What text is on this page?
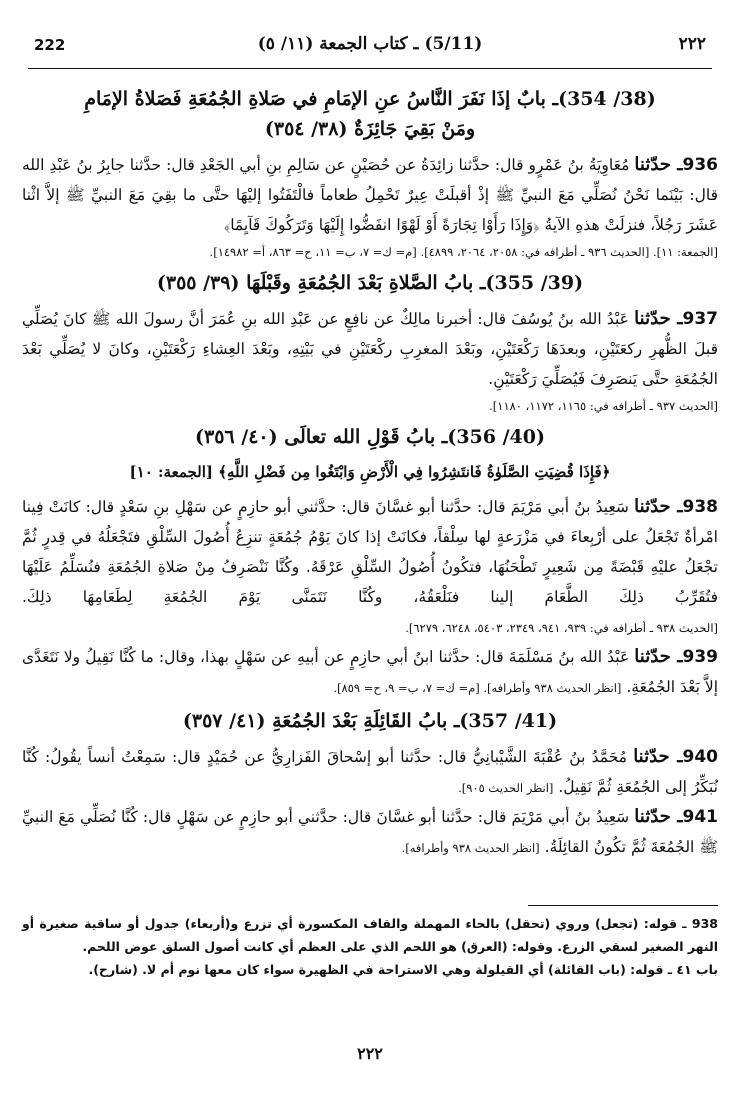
222	(5/11) ـ كتاب الجمعة (١١/ ٥)	٢٢٢
(38/ 354)ـ بابٌ إذَا نَفَرَ النَّاسُ عنِ الإمَامِ في صَلاةِ الجُمُعَةِ فَصَلاةُ الإمَامِ
ومَنْ بَقِيَ جَائِزَةٌ (٣٨/ ٣٥٤)

936ـ حدّثنا مُعَاوِيَةُ بنُ عَمْرٍو قال: حدَّثنا زائِدَةُ عن حُصَيْنٍ عن سَالِمِ بنِ أبي الجَعْدِ قال: حدَّثنا جابِرُ بنُ عَبْدِ الله قال: بَيْنَما نَحْنُ نُصَلِّي مَعَ النبيِّ ﷺ إذْ أقبلَتْ عِيرٌ تَحْمِلُ طعاماً فالْتَفَتُوا إليْهَا حتَّى ما بقِيَ مَعَ النبيِّ ﷺ إلاَّ اثْنا عَشَرَ رَجُلاً، فنزلَتْ هذهِ الآيةُ ﴿وَإِذَا رَأَوْا تِجَارَةً أَوْ لَهْوًا انفَضُّوا إِلَيْهَا وَتَرَكُوكَ قَآيِمًا﴾

[الجمعة: ١١]. [الحديث ٩٣٦ ـ أطرافه في: ٢٠٥٨، ٢٠٦٤، ٤٨٩٩]. [م= ك= ٧، ب= ١١، ح= ٨٦٣، أ= ١٤٩٨٢].
(39/ 355)ـ بابُ الصَّلاةِ بَعْدَ الجُمُعَةِ وقَبْلَهَا (٣٩/ ٣٥٥)

937ـ حدّثنا عَبْدُ الله بنُ يُوسُفَ قال: أخبرنا مالِكٌ عن نافِعٍ عن عَبْدِ الله بنِ عُمَرَ أنَّ رسولَ الله ﷺ كانَ يُصَلِّي قبلَ الظُّهرِ ركعَتَيْنِ، وبعدَهَا رَكْعَتَيْنِ، وبَعْدَ المغرِبِ ركْعَتَيْنِ في بَيْتِهِ، وبَعْدَ العِشاءِ رَكْعَتَيْنِ، وكانَ لا يُصَلِّي بَعْدَ الجُمُعَةِ حتَّى يَنصَرِفَ فَيُصَلِّيَ رَكْعَتَيْنِ.

[الحديث ٩٣٧ ـ أطرافه في: ١١٦٥، ١١٧٢، ١١٨٠].
(40/ 356)ـ بابُ قَوْلِ الله تعالَى (٤٠/ ٣٥٦)
﴿فَإِذَا قُضِيَتِ الصَّلَوٰةُ فَانتَشِرُوا فِي الْأَرْضِ وَابْتَغُوا مِن فَضْلِ اللَّهِ﴾ [الجمعة: ١٠]

938ـ حدّثنا سَعِيدُ بنُ أبي مَرْيَمَ قال: حدَّثنا أبو غسَّانَ قال: حدَّثني أبو حازِمٍ عن سَهْلِ بنِ سَعْدٍ قال: كانَتْ فِينا امْرأةٌ تَجْعَلُ على أرْبِعاءَ في مَزْرَعةٍ لها سِلْقاً، فكانَتْ إذا كانَ يَوْمُ جُمُعَةٍ تنزِعُ أُصُولَ السِّلْقِ فتَجْعَلُهُ في قِدرٍ ثُمَّ تجْعَلُ عليْهِ قَبْضَةً مِن شَعِيرٍ تَطْحَنُهَا، فتكُونُ أُصُولُ السِّلْقِ عَرْقَهُ. وكُنَّا نَنْصَرِفُ مِنْ صَلاةِ الجُمُعَةِ فنُسَلِّمُ عَلَيْهَا فتُقَرِّبُ ذلِكَ الطَّعَامَ إلينا فنَلْعَقُهُ، وكُنَّا نَتَمَنَّى يَوْمَ الجُمُعَةِ لِطَعَامِهَا ذلِكَ. [الحديث ٩٣٨ ـ أطرافه في: ٩٣٩، ٩٤١، ٢٣٤٩، ٥٤٠٣، ٦٢٤٨، ٦٢٧٩].

939ـ حدّثنا عَبْدُ الله بنُ مَسْلَمَةَ قال: حدَّثنا ابنُ أبي حازِمٍ عن أبيهِ عن سَهْلٍ بهذا، وقال: ما كُنَّا نَقِيلُ ولا نَتَغَدَّى إلاَّ بَعْدَ الجُمُعَةِ. [انظر الحديث ٩٣٨ وأطرافه]. [م= ك= ٧، ب= ٩، ح= ٨٥٩].

(41/ 357)ـ بابُ القَائِلَةِ بَعْدَ الجُمُعَةِ (٤١/ ٣٥٧)

940ـ حدّثنا مُحَمَّدُ بنُ عُقْبَةَ الشَّيْبانِيُّ قال: حدَّثنا أبو إسْحاقَ الفَزارِيُّ عن حُمَيْدٍ قال: سَمِعْتُ أنساً يقُولُ: كُنَّا نُبَكِّرُ إلى الجُمُعَةِ ثُمَّ نَقِيلُ. [انظر الحديث ٩٠٥].

941ـ حدّثنا سَعِيدُ بنُ أبي مَرْيَمَ قال: حدَّثنا أبو غسَّانَ قال: حدَّثني أبو حازِمٍ عن سَهْلٍ قال: كُنَّا نُصَلِّي مَعَ النبيِّ ﷺ الجُمُعَةَ ثُمَّ تكُونُ القائِلَةُ. [انظر الحديث ٩٣٨ وأطرافه].

938 ـ قوله: (تجعل) وروي (تحقل) بالحاء المهملة والقاف المكسورة أي تزرع و(أربعاء) جدول أو ساقية صغيرة أو النهر الصغير لسقي الزرع. وقوله: (العرق) هو اللحم الذي على العظم أي كانت أصول السلق عوض اللحم.

باب ٤١ ـ قوله: (باب القائلة) أي القيلولة وهي الاستراحة في الظهيرة سواء كان معها نوم أم لا. (شارح).

٢٢٢
